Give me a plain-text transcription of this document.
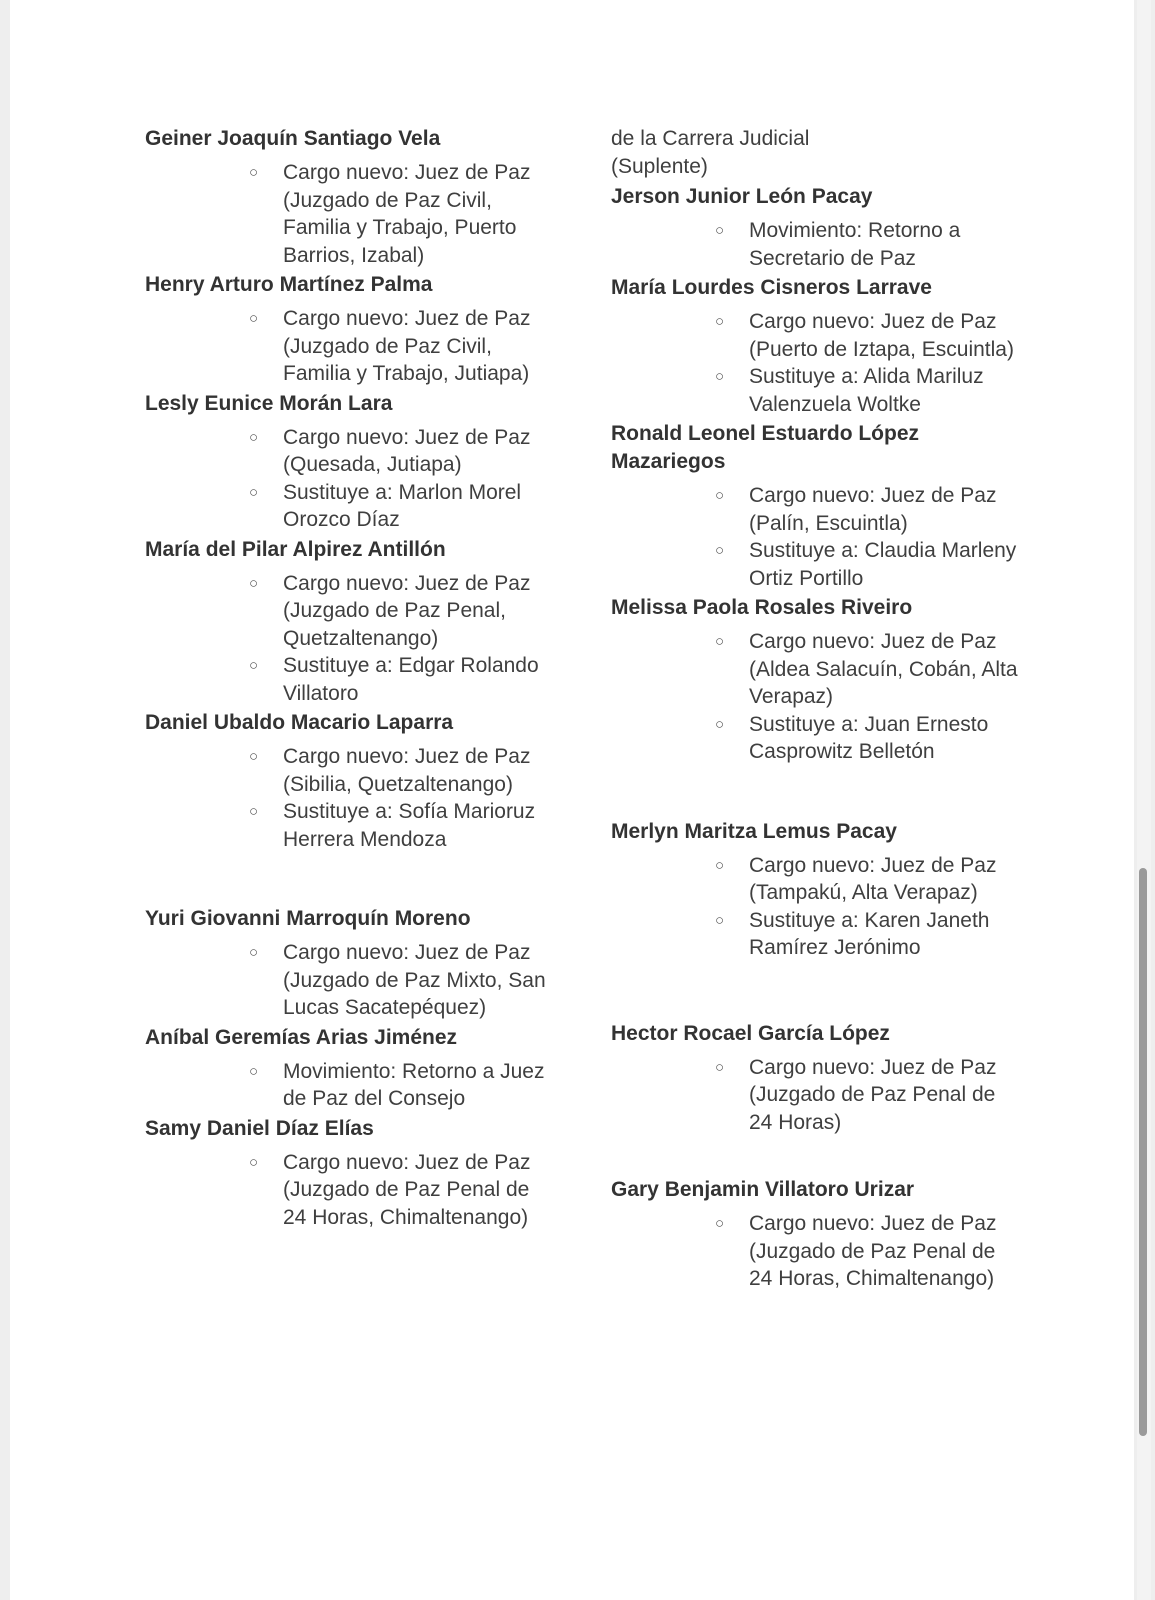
Geiner Joaquín Santiago Vela
○ Cargo nuevo: Juez de Paz (Juzgado de Paz Civil, Familia y Trabajo, Puerto Barrios, Izabal)
Henry Arturo Martínez Palma
○ Cargo nuevo: Juez de Paz (Juzgado de Paz Civil, Familia y Trabajo, Jutiapa)
Lesly Eunice Morán Lara
○ Cargo nuevo: Juez de Paz (Quesada, Jutiapa)
○ Sustituye a: Marlon Morel Orozco Díaz
María del Pilar Alpirez Antillón
○ Cargo nuevo: Juez de Paz (Juzgado de Paz Penal, Quetzaltenango)
○ Sustituye a: Edgar Rolando Villatoro
Daniel Ubaldo Macario Laparra
○ Cargo nuevo: Juez de Paz (Sibilia, Quetzaltenango)
○ Sustituye a: Sofía Marioruz Herrera Mendoza
Yuri Giovanni Marroquín Moreno
○ Cargo nuevo: Juez de Paz (Juzgado de Paz Mixto, San Lucas Sacatepéquez)
Aníbal Geremías Arias Jiménez
○ Movimiento: Retorno a Juez de Paz del Consejo
Samy Daniel Díaz Elías
○ Cargo nuevo: Juez de Paz (Juzgado de Paz Penal de 24 Horas, Chimaltenango)
de la Carrera Judicial (Suplente)
Jerson Junior León Pacay
○ Movimiento: Retorno a Secretario de Paz
María Lourdes Cisneros Larrave
○ Cargo nuevo: Juez de Paz (Puerto de Iztapa, Escuintla)
○ Sustituye a: Alida Mariluz Valenzuela Woltke
Ronald Leonel Estuardo López Mazariegos
○ Cargo nuevo: Juez de Paz (Palín, Escuintla)
○ Sustituye a: Claudia Marleny Ortiz Portillo
Melissa Paola Rosales Riveiro
○ Cargo nuevo: Juez de Paz (Aldea Salacuín, Cobán, Alta Verapaz)
○ Sustituye a: Juan Ernesto Casprowitz Belletón
Merlyn Maritza Lemus Pacay
○ Cargo nuevo: Juez de Paz (Tampakú, Alta Verapaz)
○ Sustituye a: Karen Janeth Ramírez Jerónimo
Hector Rocael García López
○ Cargo nuevo: Juez de Paz (Juzgado de Paz Penal de 24 Horas)
Gary Benjamin Villatoro Urizar
○ Cargo nuevo: Juez de Paz (Juzgado de Paz Penal de 24 Horas, Chimaltenango)
